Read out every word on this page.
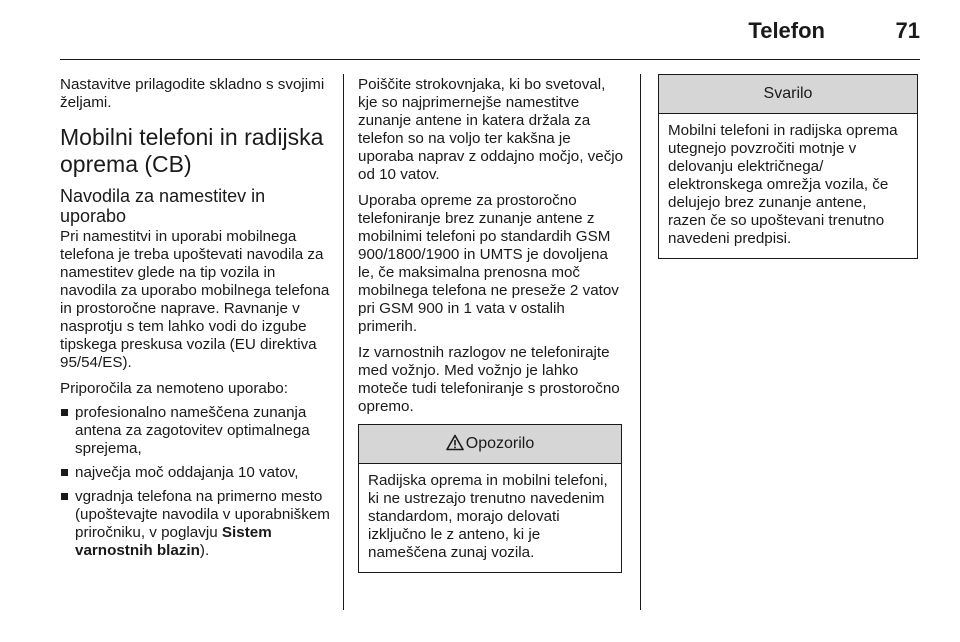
Telefon	71

Nastavitve prilagodite skladno s svojimi željami.

Mobilni telefoni in radijska oprema (CB)
Navodila za namestitev in uporabo

Pri namestitvi in uporabi mobilnega telefona je treba upoštevati navodila za namestitev glede na tip vozila in navodila za uporabo mobilnega telefona in prostoročne naprave. Ravnanje v nasprotju s tem lahko vodi do izgube tipskega preskusa vozila (EU direktiva 95/54/ES).

Priporočila za nemoteno uporabo:

profesionalno nameščena zunanja antena za zagotovitev optimalnega sprejema,
največja moč oddajanja 10 vatov,
vgradnja telefona na primerno mesto (upoštevajte navodila v uporabniškem priročniku, v poglavju Sistem varnostnih blazin).

Poiščite strokovnjaka, ki bo svetoval, kje so najprimernejše namestitve zunanje antene in katera držala za telefon so na voljo ter kakšna je uporaba naprav z oddajno močjo, večjo od 10 vatov.

Uporaba opreme za prostoročno telefoniranje brez zunanje antene z mobilnimi telefoni po standardih GSM 900/1800/1900 in UMTS je dovoljena le, če maksimalna prenosna moč mobilnega telefona ne preseže 2 vatov pri GSM 900 in 1 vata v ostalih primerih.

Iz varnostnih razlogov ne telefonirajte med vožnjo. Med vožnjo je lahko moteče tudi telefoniranje s prostoročno opremo.

Opozorilo
Radijska oprema in mobilni telefoni, ki ne ustrezajo trenutno navedenim standardom, morajo delovati izključno le z anteno, ki je nameščena zunaj vozila.
Svarilo
Mobilni telefoni in radijska oprema utegnejo povzročiti motnje v delovanju električnega/ elektronskega omrežja vozila, če delujejo brez zunanje antene, razen če so upoštevani trenutno navedeni predpisi.
